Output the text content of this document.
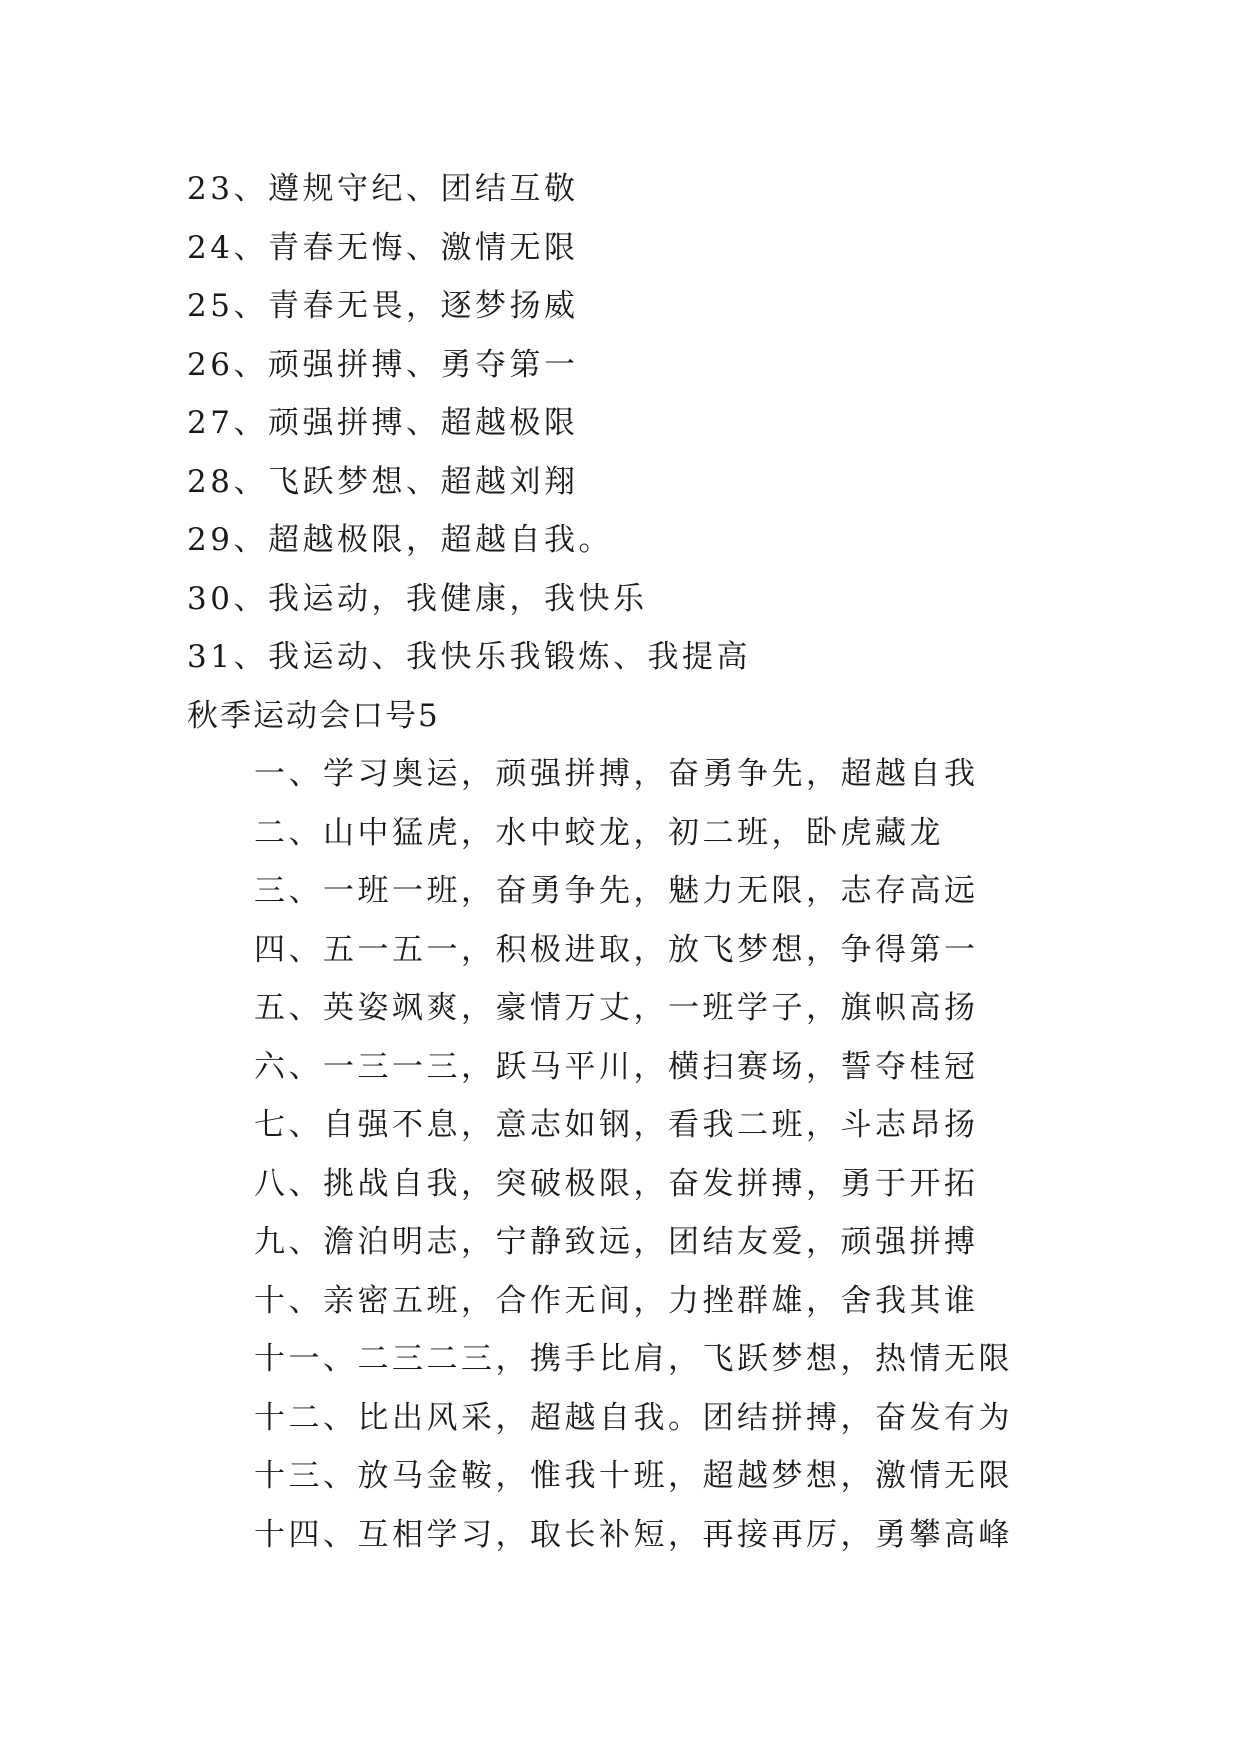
23、遵规守纪、团结互敬
24、青春无悔、激情无限
25、青春无畏，逐梦扬威
26、顽强拼搏、勇夺第一
27、顽强拼搏、超越极限
28、飞跃梦想、超越刘翔
29、超越极限，超越自我。
30、我运动，我健康，我快乐
31、我运动、我快乐我锻炼、我提高
秋季运动会口号5
一、学习奥运，顽强拼搏，奋勇争先，超越自我
二、山中猛虎，水中蛟龙，初二班，卧虎藏龙
三、一班一班，奋勇争先，魅力无限，志存高远
四、五一五一，积极进取，放飞梦想，争得第一
五、英姿飒爽，豪情万丈，一班学子，旗帜高扬
六、一三一三，跃马平川，横扫赛场，誓夺桂冠
七、自强不息，意志如钢，看我二班，斗志昂扬
八、挑战自我，突破极限，奋发拼搏，勇于开拓
九、澹泊明志，宁静致远，团结友爱，顽强拼搏
十、亲密五班，合作无间，力挫群雄，舍我其谁
十一、二三二三，携手比肩，飞跃梦想，热情无限
十二、比出风采，超越自我。团结拼搏，奋发有为
十三、放马金鞍，惟我十班，超越梦想，激情无限
十四、互相学习，取长补短，再接再厉，勇攀高峰
